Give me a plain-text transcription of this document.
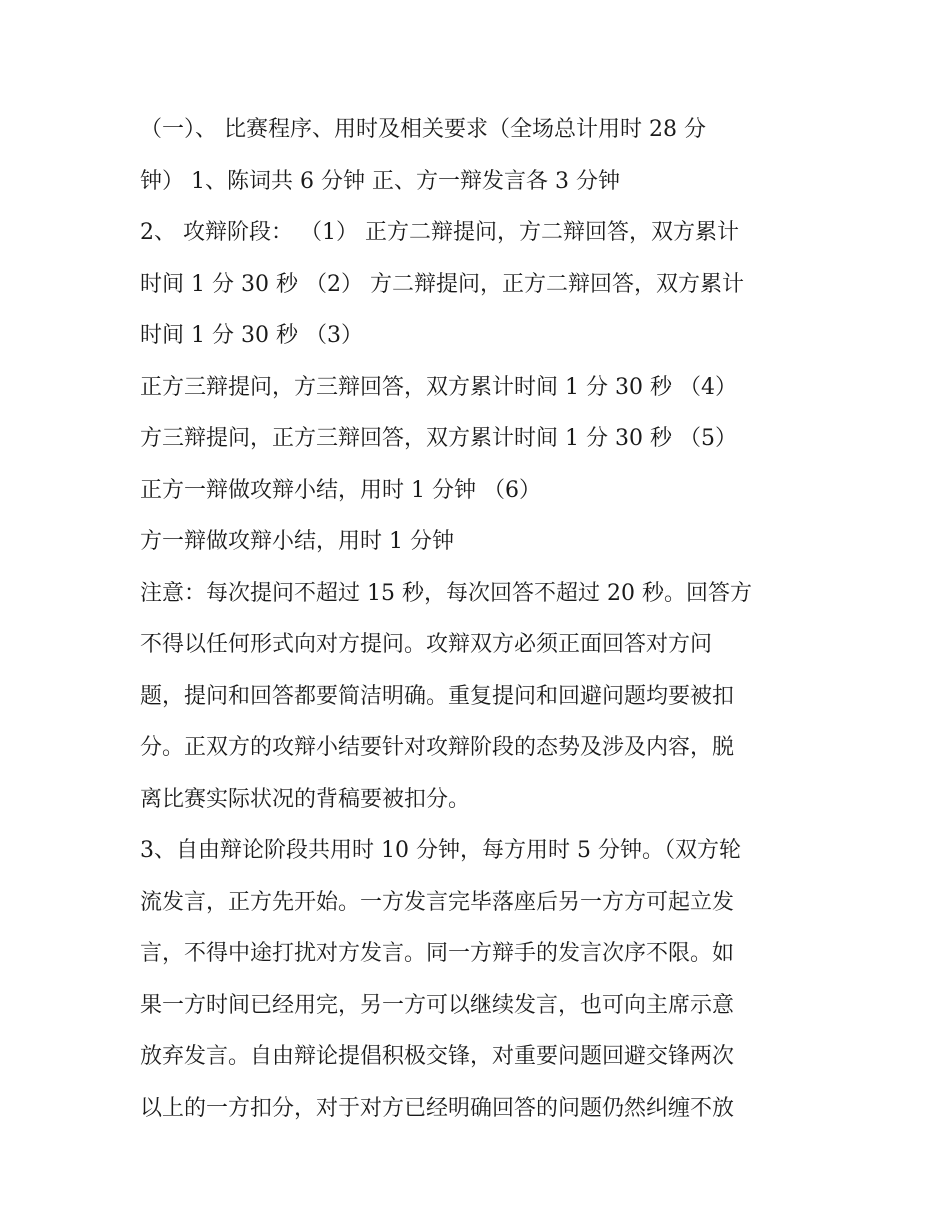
（一）、 比赛程序、用时及相关要求（全场总计用时 28 分
钟） 1、陈词共 6 分钟 正、方一辩发言各 3 分钟
2、 攻辩阶段： （1） 正方二辩提问，方二辩回答，双方累计
时间 1 分 30 秒 （2） 方二辩提问，正方二辩回答，双方累计
时间 1 分 30 秒 （3）
正方三辩提问，方三辩回答，双方累计时间 1 分 30 秒 （4）
方三辩提问，正方三辩回答，双方累计时间 1 分 30 秒 （5）
正方一辩做攻辩小结，用时 1 分钟 （6）
方一辩做攻辩小结，用时 1 分钟
注意：每次提问不超过 15 秒，每次回答不超过 20 秒。回答方
不得以任何形式向对方提问。攻辩双方必须正面回答对方问
题，提问和回答都要简洁明确。重复提问和回避问题均要被扣
分。正双方的攻辩小结要针对攻辩阶段的态势及涉及内容，脱
离比赛实际状况的背稿要被扣分。
3、自由辩论阶段共用时 10 分钟，每方用时 5 分钟。（双方轮
流发言，正方先开始。一方发言完毕落座后另一方方可起立发
言，不得中途打扰对方发言。同一方辩手的发言次序不限。如
果一方时间已经用完，另一方可以继续发言，也可向主席示意
放弃发言。自由辩论提倡积极交锋，对重要问题回避交锋两次
以上的一方扣分，对于对方已经明确回答的问题仍然纠缠不放
